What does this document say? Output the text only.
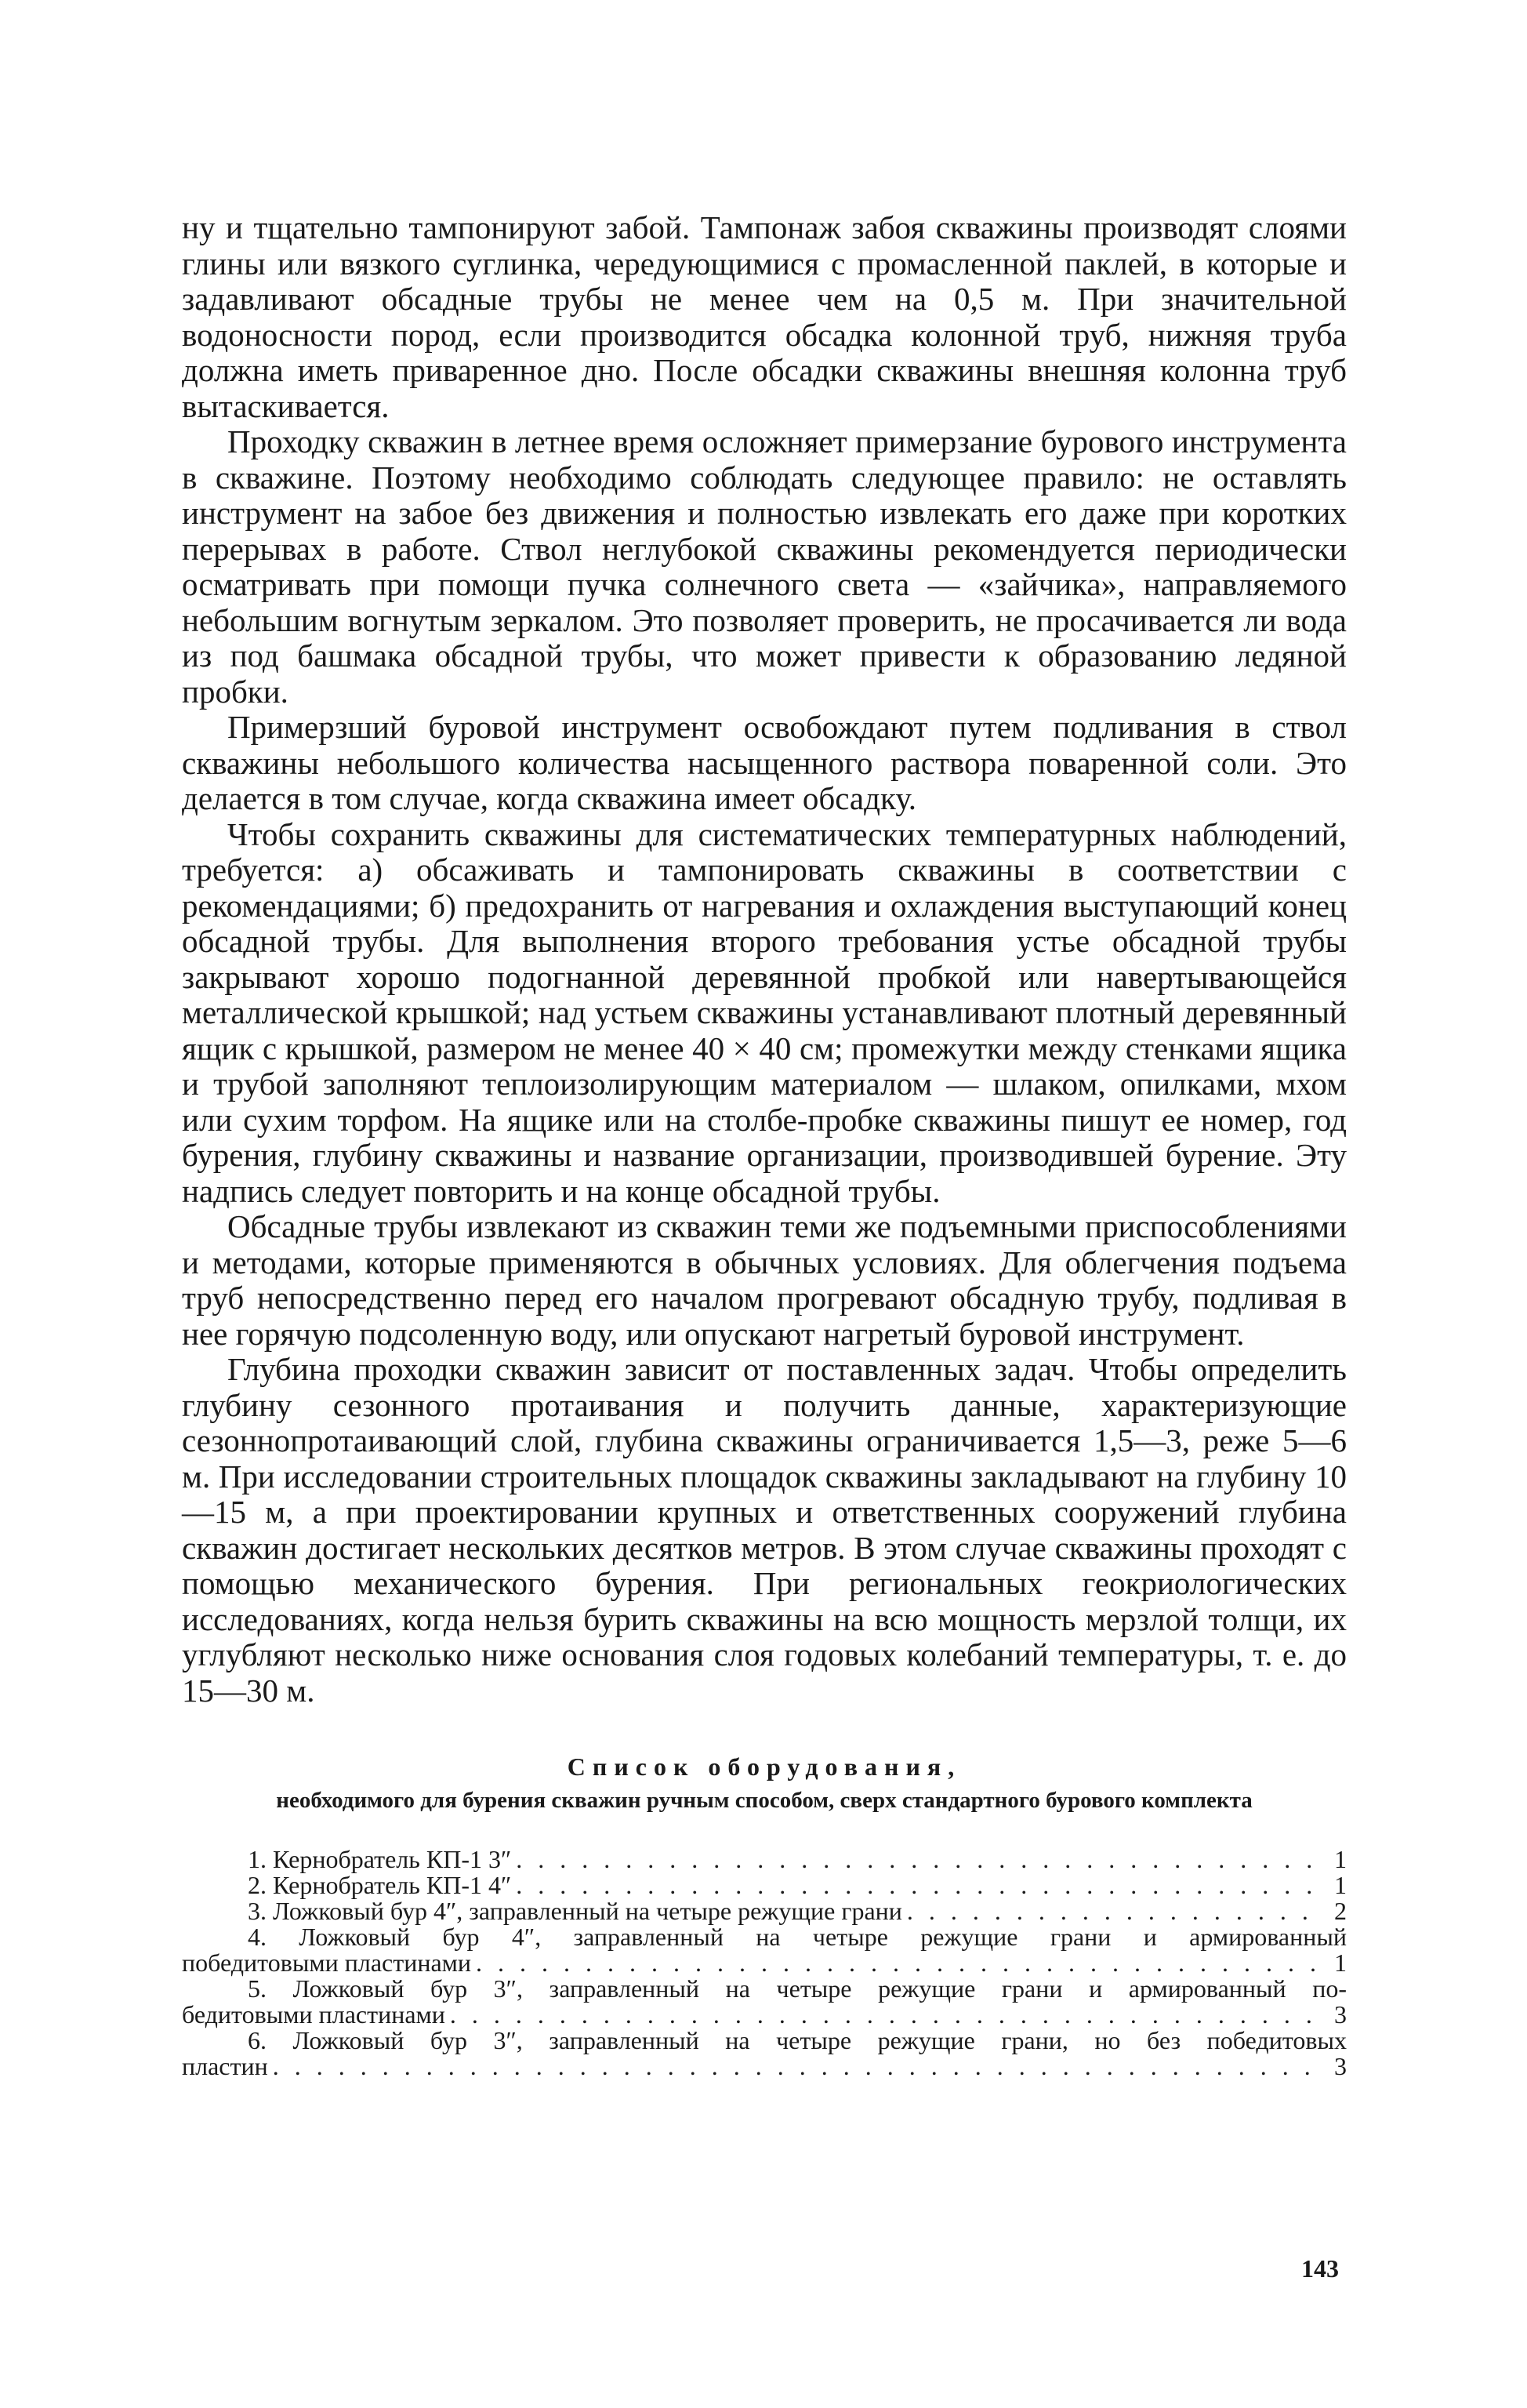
ну и тщательно тампонируют забой. Тампонаж забоя скважины производят слоями глины или вязкого суглинка, чередующимися с промасленной паклей, в которые и задавливают обсадные трубы не менее чем на 0,5 м. При значительной водоносности пород, если производится обсадка колонной труб, нижняя труба должна иметь приваренное дно. После обсадки скважины внешняя колонна труб вытаскивается.

Проходку скважин в летнее время осложняет примерзание бурового инструмента в скважине. Поэтому необходимо соблюдать следующее правило: не оставлять инструмент на забое без движения и полностью извлекать его даже при коротких перерывах в работе. Ствол неглубокой скважины рекомендуется периодически осматривать при помощи пучка солнечного света — «зайчика», направляемого небольшим вогнутым зеркалом. Это позволяет проверить, не просачивается ли вода из под башмака обсадной трубы, что может привести к образованию ледяной пробки.

Примерзший буровой инструмент освобождают путем подливания в ствол скважины небольшого количества насыщенного раствора поваренной соли. Это делается в том случае, когда скважина имеет обсадку.

Чтобы сохранить скважины для систематических температурных наблюдений, требуется: а) обсаживать и тампонировать скважины в соответствии с рекомендациями; б) предохранить от нагревания и охлаждения выступающий конец обсадной трубы. Для выполнения второго требования устье обсадной трубы закрывают хорошо подогнанной деревянной пробкой или навертывающейся металлической крышкой; над устьем скважины устанавливают плотный деревянный ящик с крышкой, размером не менее 40 × 40 см; промежутки между стенками ящика и трубой заполняют теплоизолирующим материалом — шлаком, опилками, мхом или сухим торфом. На ящике или на столбе-пробке скважины пишут ее номер, год бурения, глубину скважины и название организации, производившей бурение. Эту надпись следует повторить и на конце обсадной трубы.

Обсадные трубы извлекают из скважин теми же подъемными приспособлениями и методами, которые применяются в обычных условиях. Для облегчения подъема труб непосредственно перед его началом прогревают обсадную трубу, подливая в нее горячую подсоленную воду, или опускают нагретый буровой инструмент.

Глубина проходки скважин зависит от поставленных задач. Чтобы определить глубину сезонного протаивания и получить данные, характеризующие сезоннопротаивающий слой, глубина скважины ограничивается 1,5—3, реже 5—6 м. При исследовании строительных площадок скважины закладывают на глубину 10—15 м, а при проектировании крупных и ответственных сооружений глубина скважин достигает нескольких десятков метров. В этом случае скважины проходят с помощью механического бурения. При региональных геокриологических исследованиях, когда нельзя бурить скважины на всю мощность мерзлой толщи, их углубляют несколько ниже основания слоя годовых колебаний температуры, т. е. до 15—30 м.

Список оборудования,
необходимого для бурения скважин ручным способом, сверх стандартного бурового комплекта
1. Кернобратель КП-1 3″ . . .	1
2. Кернобратель КП-1 4″ . . .	1
3. Ложковый бур 4″, заправленный на четыре режущие грани . . .	2
4. Ложковый бур 4″, заправленный на четыре режущие грани и армированный
победитовыми пластинами . . .	1
5. Ложковый бур 3″, заправленный на четыре режущие грани и армированный по-
бедитовыми пластинами . . .	3
6. Ложковый бур 3″, заправленный на четыре режущие грани, но без победитовых
пластин . . .	3
143
